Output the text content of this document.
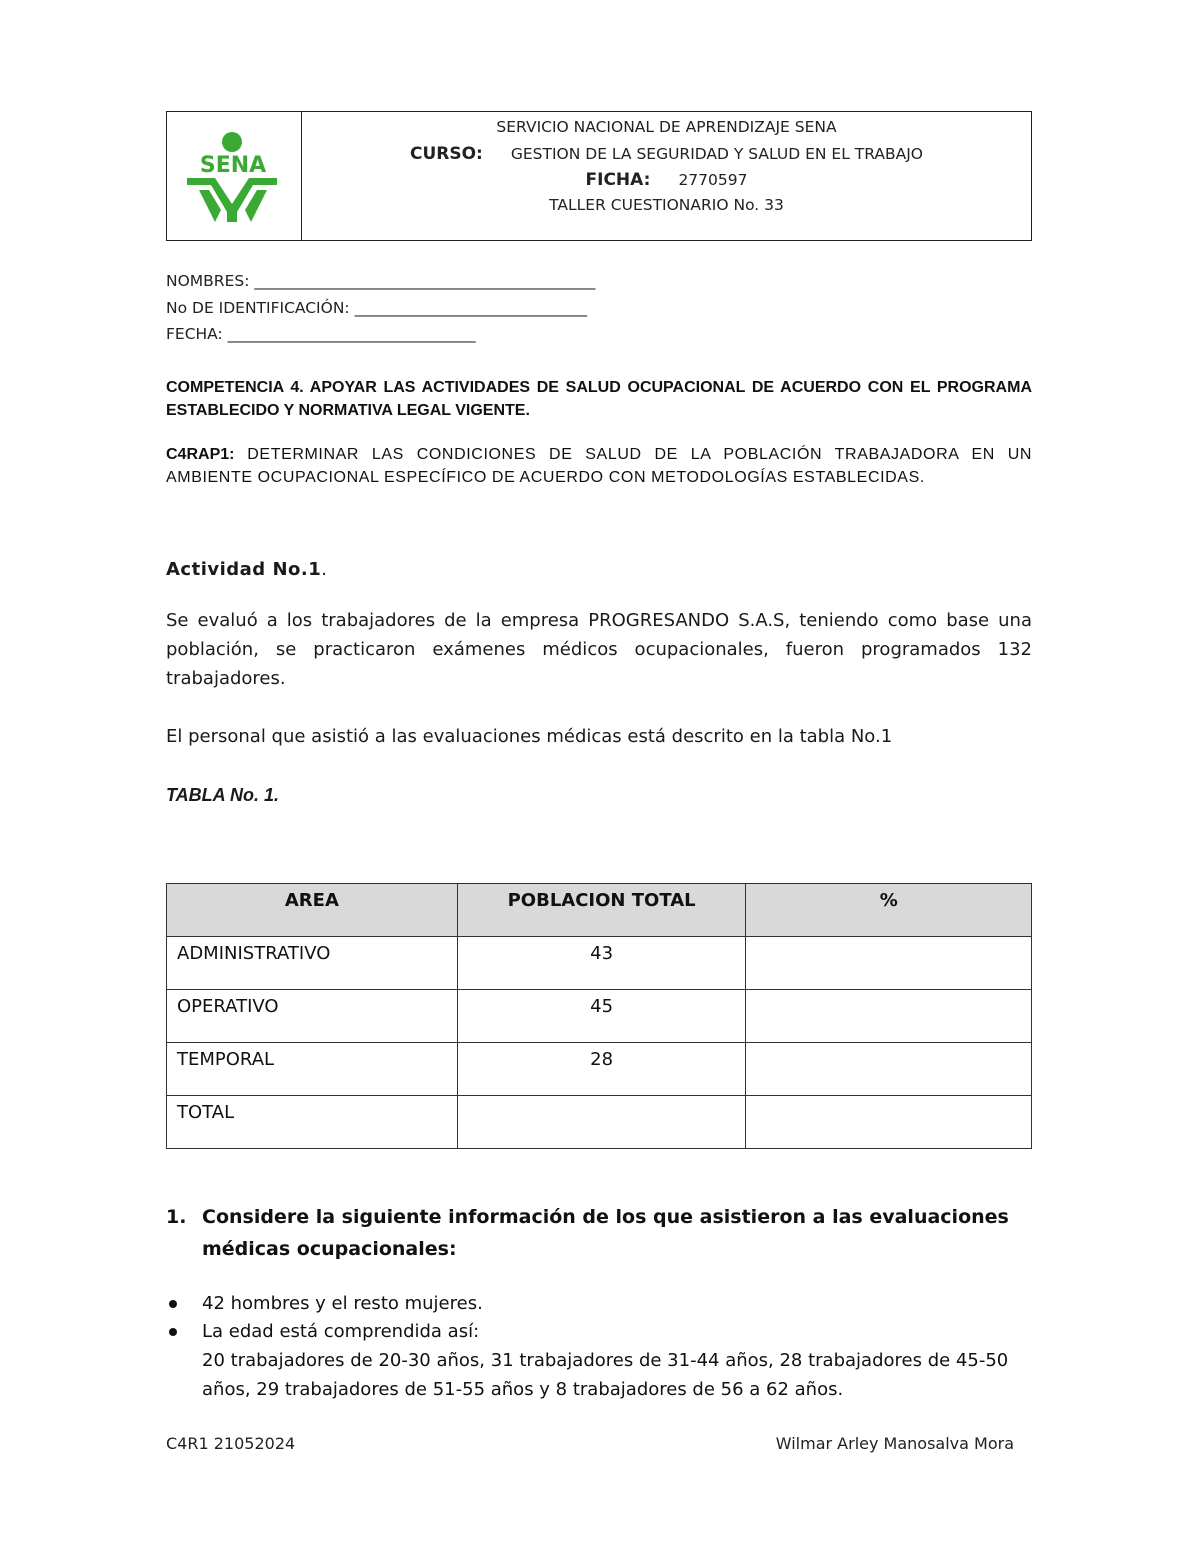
SENA
SERVICIO NACIONAL DE APRENDIZAJE SENA
CURSO: GESTION DE LA SEGURIDAD Y SALUD EN EL TRABAJO
FICHA: 2770597
TALLER CUESTIONARIO No. 33
NOMBRES: ____________________________________________
No DE IDENTIFICACIÓN: ______________________________
FECHA: ________________________________
COMPETENCIA 4. APOYAR LAS ACTIVIDADES DE SALUD OCUPACIONAL DE ACUERDO CON EL PROGRAMA ESTABLECIDO Y NORMATIVA LEGAL VIGENTE.
C4RAP1: DETERMINAR LAS CONDICIONES DE SALUD DE LA POBLACIÓN TRABAJADORA EN UN AMBIENTE OCUPACIONAL ESPECÍFICO DE ACUERDO CON METODOLOGÍAS ESTABLECIDAS.
Actividad No.1.
Se evaluó a los trabajadores de la empresa PROGRESANDO S.A.S, teniendo como base una población, se practicaron exámenes médicos ocupacionales, fueron programados 132 trabajadores.
El personal que asistió a las evaluaciones médicas está descrito en la tabla No.1
TABLA No. 1.
AREA	POBLACION TOTAL	%
ADMINISTRATIVO	43	
OPERATIVO	45	
TEMPORAL	28	
TOTAL		
1. Considere la siguiente información de los que asistieron a las evaluaciones médicas ocupacionales:
42 hombres y el resto mujeres.
La edad está comprendida así:
20 trabajadores de 20-30 años, 31 trabajadores de 31-44 años, 28 trabajadores de 45-50 años, 29 trabajadores de 51-55 años y 8 trabajadores de 56 a 62 años.
C4R1 21052024	Wilmar Arley Manosalva Mora
